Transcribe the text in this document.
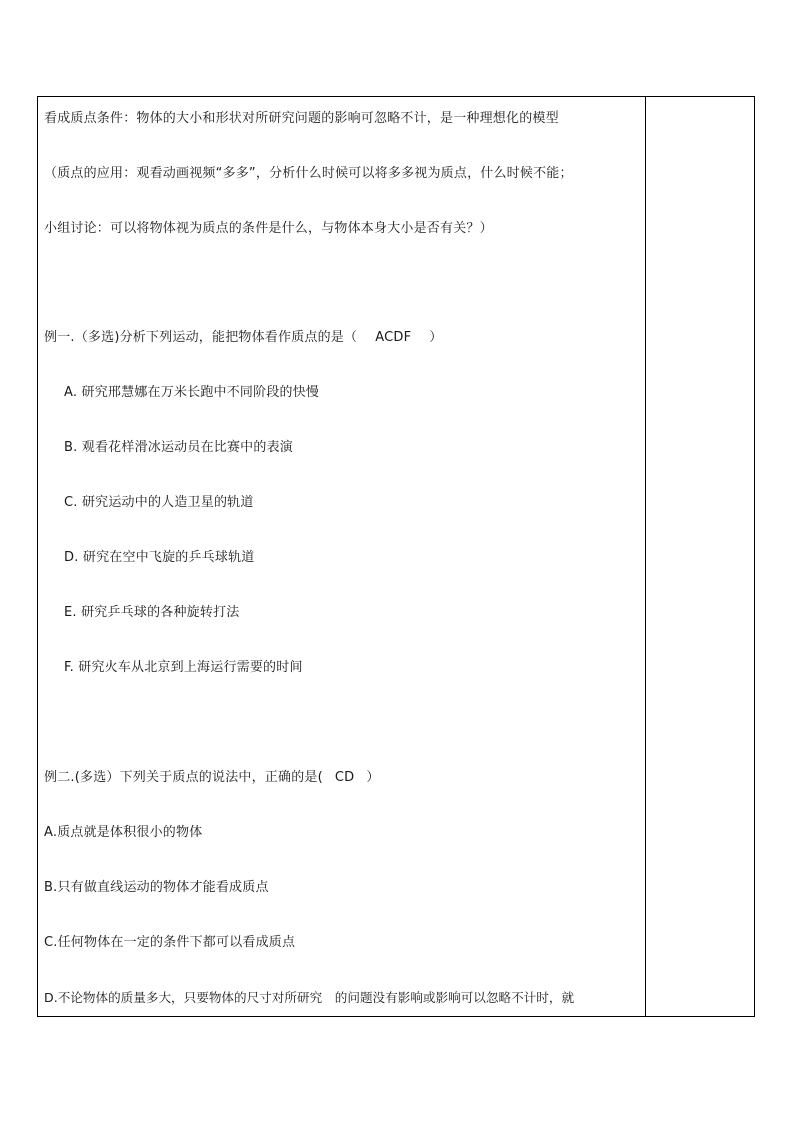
看成质点条件：物体的大小和形状对所研究问题的影响可忽略不计，是一种理想化的模型
（质点的应用：观看动画视频“多多”，分析什么时候可以将多多视为质点，什么时候不能；
小组讨论：可以将物体视为质点的条件是什么，与物体本身大小是否有关？）
例一.（多选)分析下列运动，能把物体看作质点的是（ ACDF ）
A. 研究邢慧娜在万米长跑中不同阶段的快慢
B. 观看花样滑冰运动员在比赛中的表演
C. 研究运动中的人造卫星的轨道
D. 研究在空中飞旋的乒乓球轨道
E. 研究乒乓球的各种旋转打法
F. 研究火车从北京到上海运行需要的时间
例二.(多选）下列关于质点的说法中，正确的是( CD ）
A.质点就是体积很小的物体
B.只有做直线运动的物体才能看成质点
C.任何物体在一定的条件下都可以看成质点
D.不论物体的质量多大，只要物体的尺寸对所研究　的问题没有影响或影响可以忽略不计时，就
